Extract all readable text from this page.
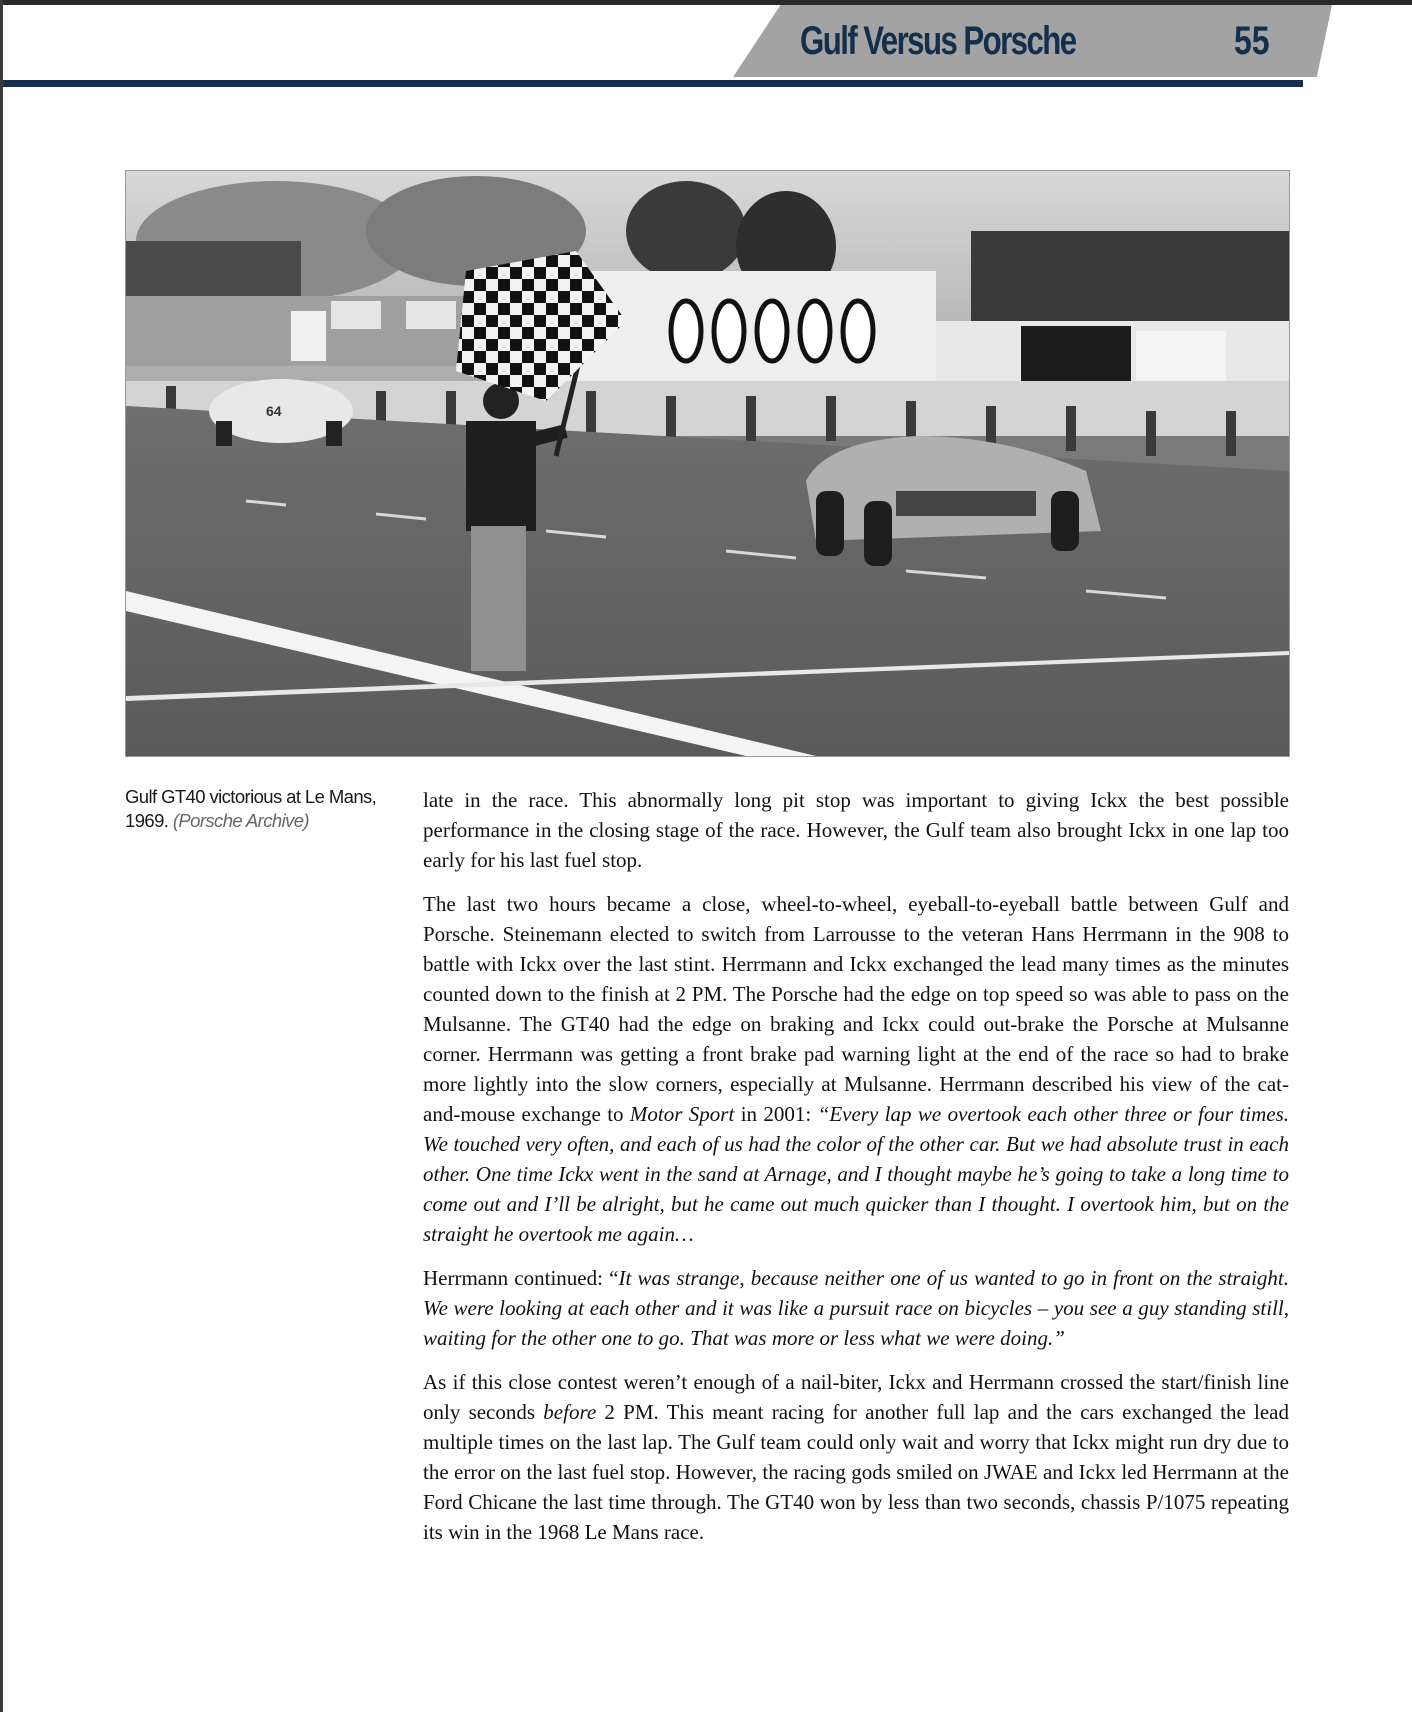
Gulf Versus Porsche	55
64
Gulf GT40 victorious at Le Mans, 1969. (Porsche Archive)

late in the race. This abnormally long pit stop was important to giving Ickx the best possible performance in the closing stage of the race. However, the Gulf team also brought Ickx in one lap too early for his last fuel stop.

The last two hours became a close, wheel-to-wheel, eyeball-to-eyeball battle between Gulf and Porsche. Steinemann elected to switch from Larrousse to the veteran Hans Herrmann in the 908 to battle with Ickx over the last stint. Herrmann and Ickx exchanged the lead many times as the minutes counted down to the finish at 2 PM. The Porsche had the edge on top speed so was able to pass on the Mulsanne. The GT40 had the edge on braking and Ickx could out-brake the Porsche at Mulsanne corner. Herrmann was getting a front brake pad warning light at the end of the race so had to brake more lightly into the slow corners, especially at Mulsanne. Herrmann described his view of the cat-and-mouse exchange to Motor Sport in 2001: “Every lap we overtook each other three or four times. We touched very often, and each of us had the color of the other car. But we had absolute trust in each other. One time Ickx went in the sand at Arnage, and I thought maybe he’s going to take a long time to come out and I’ll be alright, but he came out much quicker than I thought. I overtook him, but on the straight he overtook me again…

Herrmann continued: “It was strange, because neither one of us wanted to go in front on the straight. We were looking at each other and it was like a pursuit race on bicycles – you see a guy standing still, waiting for the other one to go. That was more or less what we were doing.”

As if this close contest weren’t enough of a nail-biter, Ickx and Herrmann crossed the start/finish line only seconds before 2 PM. This meant racing for another full lap and the cars exchanged the lead multiple times on the last lap. The Gulf team could only wait and worry that Ickx might run dry due to the error on the last fuel stop. However, the racing gods smiled on JWAE and Ickx led Herrmann at the Ford Chicane the last time through. The GT40 won by less than two seconds, chassis P/1075 repeating its win in the 1968 Le Mans race.
